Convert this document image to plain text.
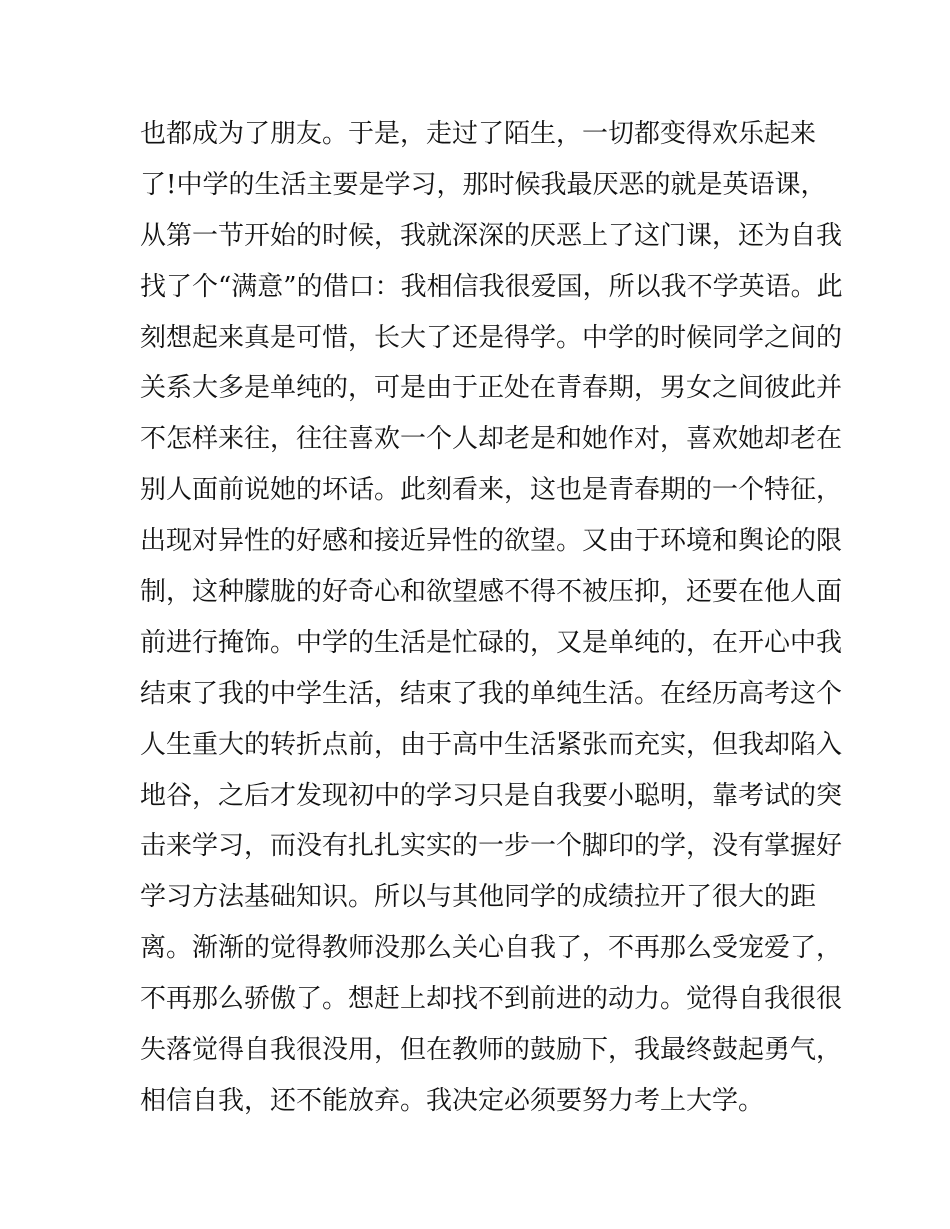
也都成为了朋友。于是，走过了陌生，一切都变得欢乐起来
了!中学的生活主要是学习，那时候我最厌恶的就是英语课，
从第一节开始的时候，我就深深的厌恶上了这门课，还为自我
找了个“满意”的借口：我相信我很爱国，所以我不学英语。此
刻想起来真是可惜，长大了还是得学。中学的时候同学之间的
关系大多是单纯的，可是由于正处在青春期，男女之间彼此并
不怎样来往，往往喜欢一个人却老是和她作对，喜欢她却老在
别人面前说她的坏话。此刻看来，这也是青春期的一个特征，
出现对异性的好感和接近异性的欲望。又由于环境和舆论的限
制，这种朦胧的好奇心和欲望感不得不被压抑，还要在他人面
前进行掩饰。中学的生活是忙碌的，又是单纯的，在开心中我
结束了我的中学生活，结束了我的单纯生活。在经历高考这个
人生重大的转折点前，由于高中生活紧张而充实，但我却陷入
地谷，之后才发现初中的学习只是自我要小聪明，靠考试的突
击来学习，而没有扎扎实实的一步一个脚印的学，没有掌握好
学习方法基础知识。所以与其他同学的成绩拉开了很大的距
离。渐渐的觉得教师没那么关心自我了，不再那么受宠爱了，
不再那么骄傲了。想赶上却找不到前进的动力。觉得自我很很
失落觉得自我很没用，但在教师的鼓励下，我最终鼓起勇气，
相信自我，还不能放弃。我决定必须要努力考上大学。
